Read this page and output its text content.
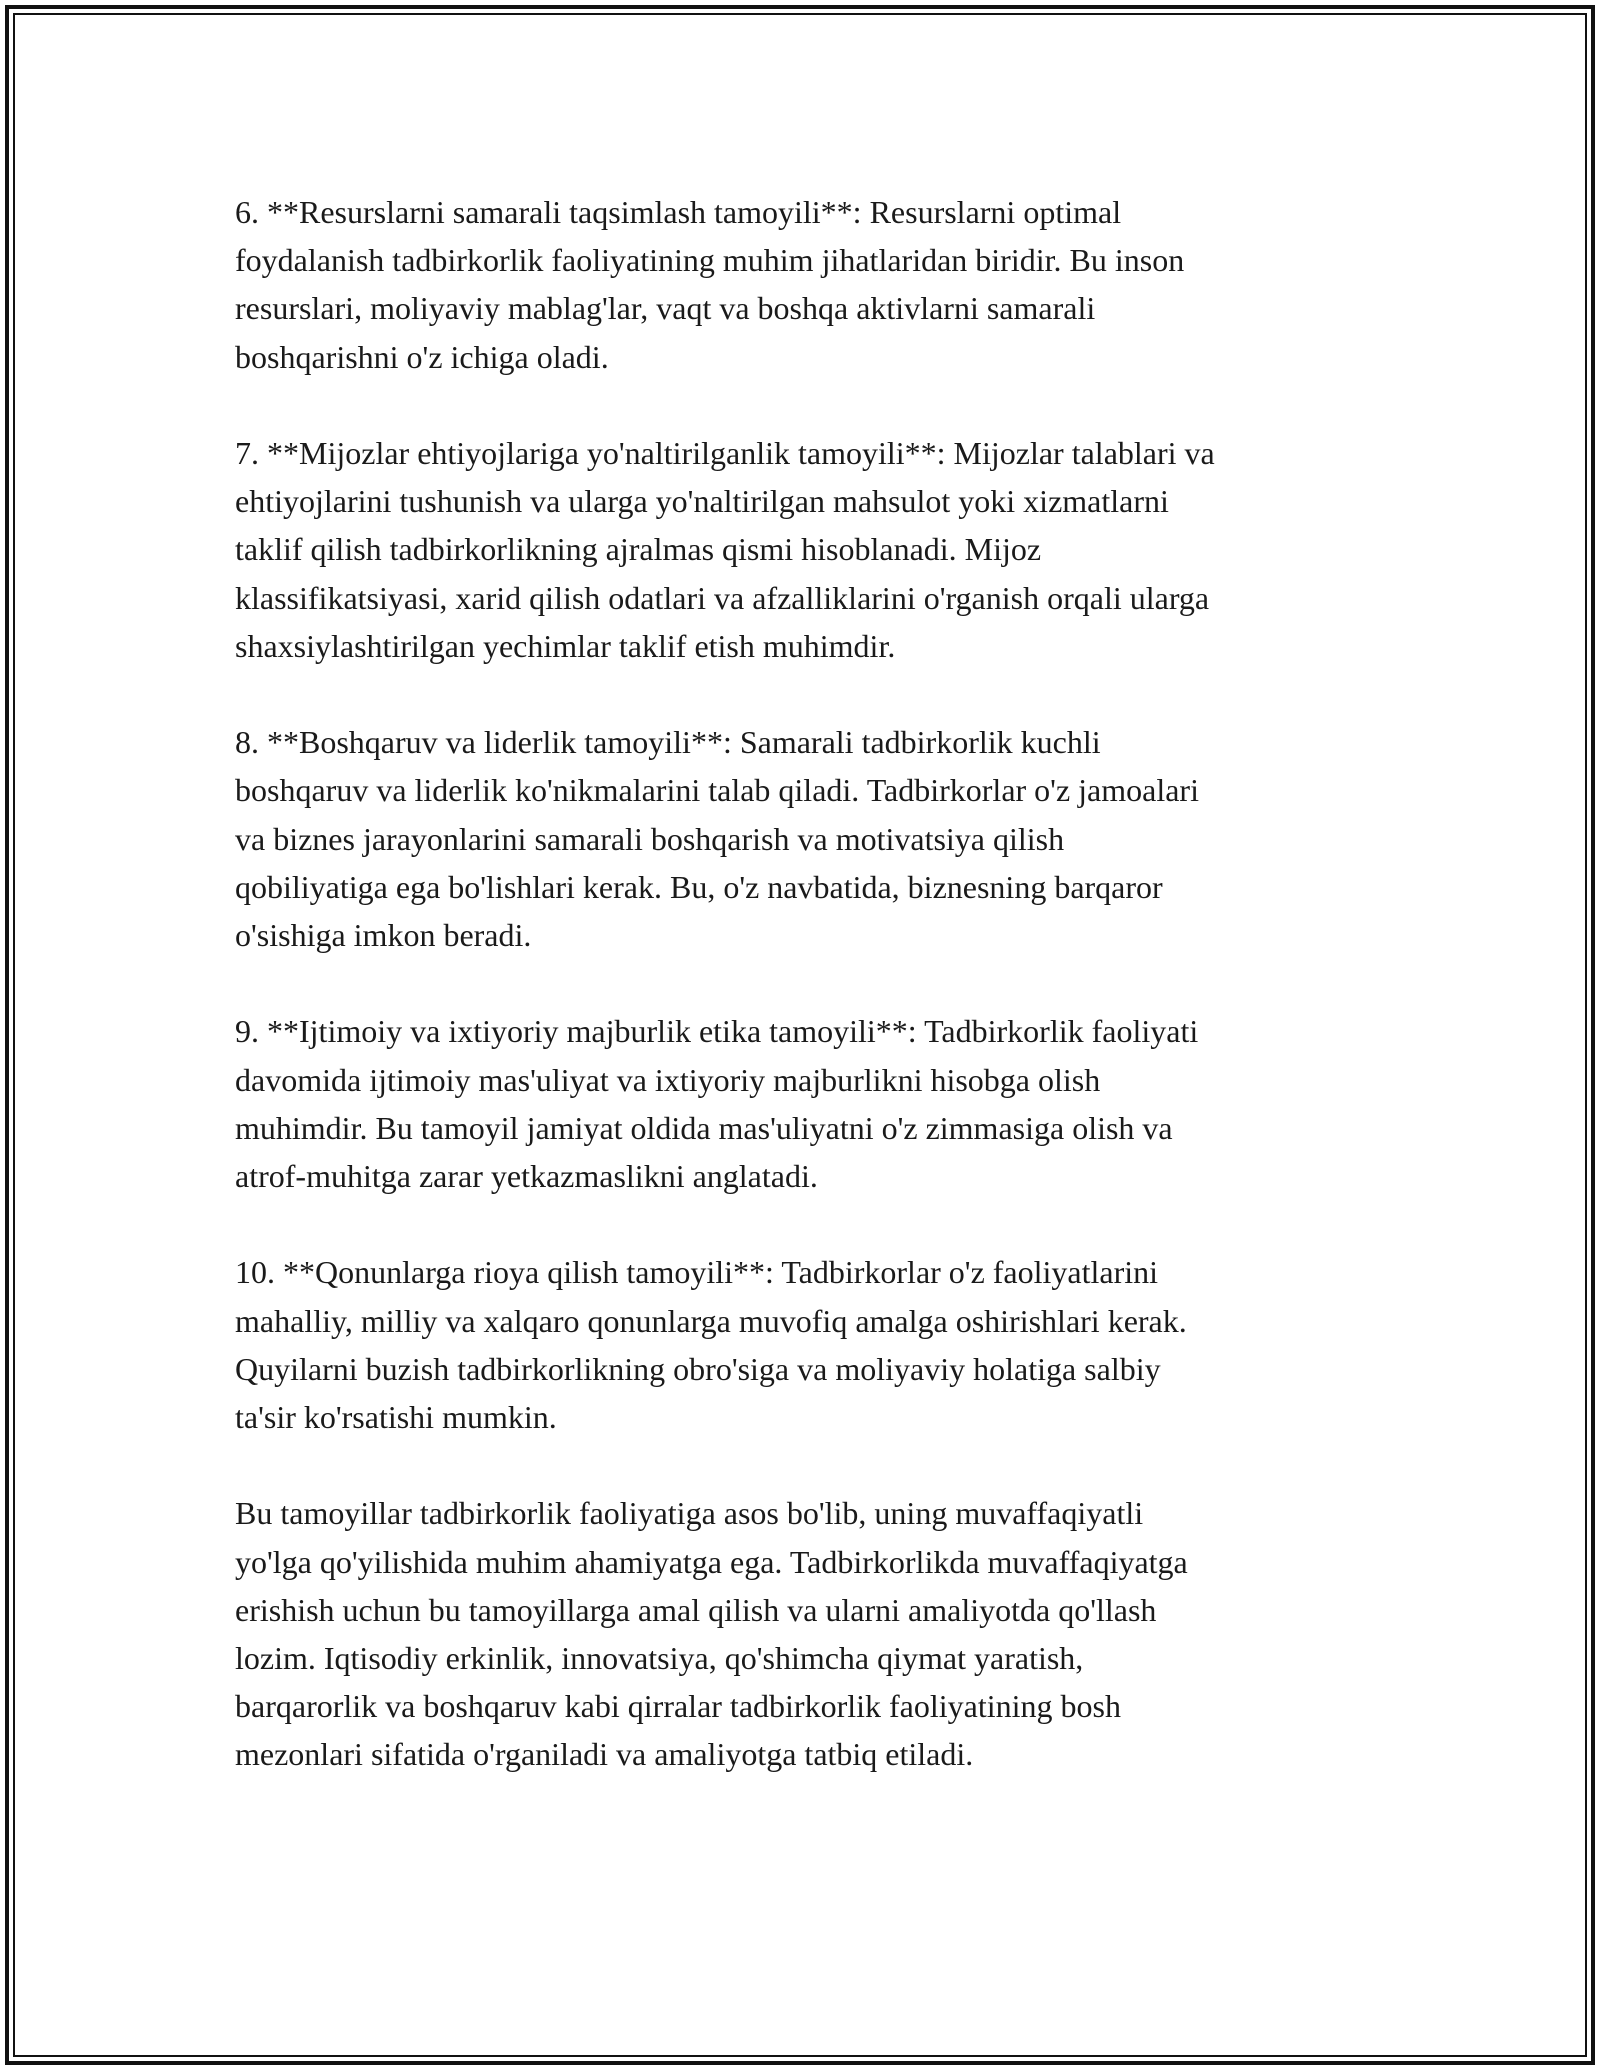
6. **Resurslarni samarali taqsimlash tamoyili**: Resurslarni optimal
foydalanish tadbirkorlik faoliyatining muhim jihatlaridan biridir. Bu inson
resurslari, moliyaviy mablag'lar, vaqt va boshqa aktivlarni samarali
boshqarishni o'z ichiga oladi.
7. **Mijozlar ehtiyojlariga yo'naltirilganlik tamoyili**: Mijozlar talablari va
ehtiyojlarini tushunish va ularga yo'naltirilgan mahsulot yoki xizmatlarni
taklif qilish tadbirkorlikning ajralmas qismi hisoblanadi. Mijoz
klassifikatsiyasi, xarid qilish odatlari va afzalliklarini o'rganish orqali ularga
shaxsiylashtirilgan yechimlar taklif etish muhimdir.
8. **Boshqaruv va liderlik tamoyili**: Samarali tadbirkorlik kuchli
boshqaruv va liderlik ko'nikmalarini talab qiladi. Tadbirkorlar o'z jamoalari
va biznes jarayonlarini samarali boshqarish va motivatsiya qilish
qobiliyatiga ega bo'lishlari kerak. Bu, o'z navbatida, biznesning barqaror
o'sishiga imkon beradi.
9. **Ijtimoiy va ixtiyoriy majburlik etika tamoyili**: Tadbirkorlik faoliyati
davomida ijtimoiy mas'uliyat va ixtiyoriy majburlikni hisobga olish
muhimdir. Bu tamoyil jamiyat oldida mas'uliyatni o'z zimmasiga olish va
atrof-muhitga zarar yetkazmaslikni anglatadi.
10. **Qonunlarga rioya qilish tamoyili**: Tadbirkorlar o'z faoliyatlarini
mahalliy, milliy va xalqaro qonunlarga muvofiq amalga oshirishlari kerak.
Quyilarni buzish tadbirkorlikning obro'siga va moliyaviy holatiga salbiy
ta'sir ko'rsatishi mumkin.
Bu tamoyillar tadbirkorlik faoliyatiga asos bo'lib, uning muvaffaqiyatli
yo'lga qo'yilishida muhim ahamiyatga ega. Tadbirkorlikda muvaffaqiyatga
erishish uchun bu tamoyillarga amal qilish va ularni amaliyotda qo'llash
lozim. Iqtisodiy erkinlik, innovatsiya, qo'shimcha qiymat yaratish,
barqarorlik va boshqaruv kabi qirralar tadbirkorlik faoliyatining bosh
mezonlari sifatida o'rganiladi va amaliyotga tatbiq etiladi.
